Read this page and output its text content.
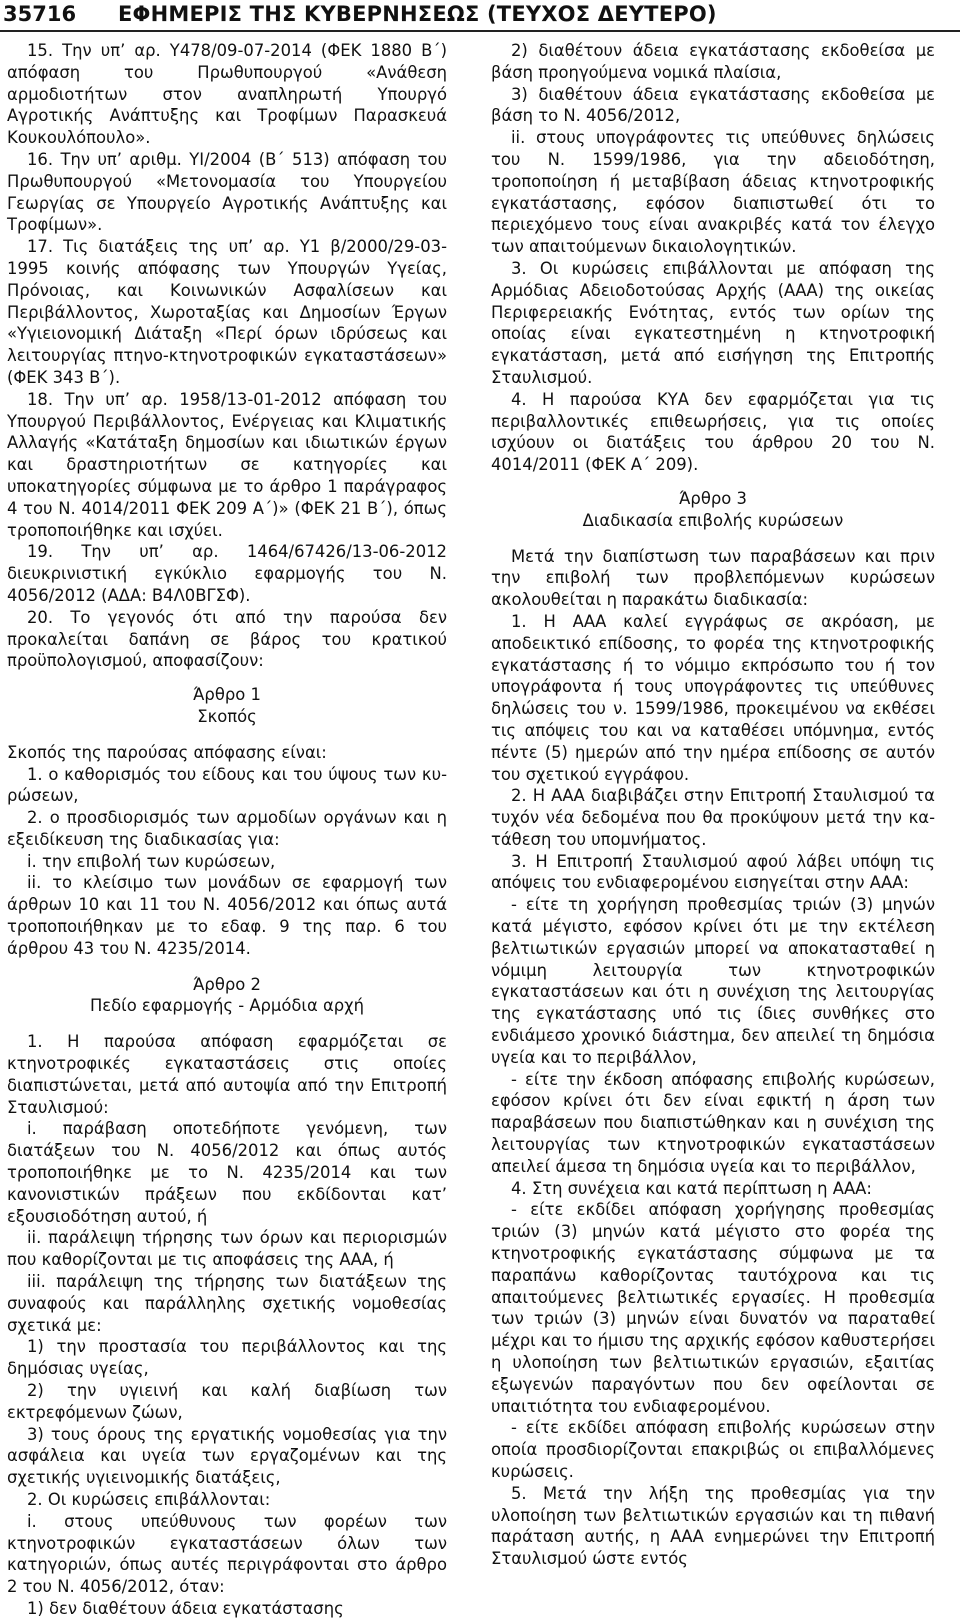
35716 ΕΦΗΜΕΡΙΣ ΤΗΣ ΚΥΒΕΡΝΗΣΕΩΣ (ΤΕΥΧΟΣ ΔΕΥΤΕΡΟ)

15. Την υπ’ αρ. Υ478/09-07-2014 (ΦΕΚ 1880 Β΄) απόφαση του Πρωθυπουργού «Ανάθεση αρμοδιοτήτων στον αναπληρωτή Υπουργό Αγροτικής Ανάπτυξης και Τροφίμων Παρασκευά Κουκουλόπουλο».

16. Την υπ’ αριθμ. ΥΙ/2004 (Β΄ 513) απόφαση του Πρωθυπουργού «Μετονομασία του Υπουργείου Γεωργίας σε Υπουργείο Αγροτικής Ανάπτυξης και Τροφίμων».

17. Τις διατάξεις της υπ’ αρ. Υ1 β/2000/29-03-1995 κοινής απόφασης των Υπουργών Υγείας, Πρόνοιας, και Κοινωνικών Ασφαλίσεων και Περιβάλλοντος, Χωροταξίας και Δημοσίων Έργων «Υγιειονομική Διάταξη «Περί όρων ιδρύσεως και λειτουργίας πτηνο-κτηνοτροφικών εγκαταστάσεων» (ΦΕΚ 343 Β΄).

18. Την υπ’ αρ. 1958/13-01-2012 απόφαση του Υπουργού Περιβάλλοντος, Ενέργειας και Κλιματικής Αλλαγής «Κατάταξη δημοσίων και ιδιωτικών έργων και δραστηριοτήτων σε κατηγορίες και υποκατηγορίες σύμφωνα με το άρθρο 1 παράγραφος 4 του Ν. 4014/2011 ΦΕΚ 209 Α΄)» (ΦΕΚ 21 Β΄), όπως τροποποιήθηκε και ισχύει.

19. Την υπ’ αρ. 1464/67426/13-06-2012 διευκρινιστική εγκύκλιο εφαρμογής του Ν. 4056/2012 (ΑΔΑ: Β4Λ0ΒΓΣΦ).

20. Το γεγονός ότι από την παρούσα δεν προκαλείται δαπάνη σε βάρος του κρατικού προϋπολογισμού, αποφασίζουν:

Άρθρο 1
Σκοπός

Σκοπός της παρούσας απόφασης είναι:

1. ο καθορισμός του είδους και του ύψους των κυρώσεων,

2. ο προσδιορισμός των αρμοδίων οργάνων και η εξειδίκευση της διαδικασίας για:

i. την επιβολή των κυρώσεων,

ii. το κλείσιμο των μονάδων σε εφαρμογή των άρθρων 10 και 11 του Ν. 4056/2012 και όπως αυτά τροποποιήθηκαν με το εδαφ. 9 της παρ. 6 του άρθρου 43 του Ν. 4235/2014.

Άρθρο 2
Πεδίο εφαρμογής - Αρμόδια αρχή

1. Η παρούσα απόφαση εφαρμόζεται σε κτηνοτροφικές εγκαταστάσεις στις οποίες διαπιστώνεται, μετά από αυτοψία από την Επιτροπή Σταυλισμού:

i. παράβαση οποτεδήποτε γενόμενη, των διατάξεων του Ν. 4056/2012 και όπως αυτός τροποποιήθηκε με το Ν. 4235/2014 και των κανονιστικών πράξεων που εκδίδονται κατ’ εξουσιοδότηση αυτού, ή

ii. παράλειψη τήρησης των όρων και περιορισμών που καθορίζονται με τις αποφάσεις της ΑΑΑ, ή

iii. παράλειψη της τήρησης των διατάξεων της συναφούς και παράλληλης σχετικής νομοθεσίας σχετικά με:

1) την προστασία του περιβάλλοντος και της δημόσιας υγείας,

2) την υγιεινή και καλή διαβίωση των εκτρεφόμενων ζώων,

3) τους όρους της εργατικής νομοθεσίας για την ασφάλεια και υγεία των εργαζομένων και της σχετικής υγιεινομικής διατάξεις,

2. Οι κυρώσεις επιβάλλονται:

i. στους υπεύθυνους των φορέων των κτηνοτροφικών εγκαταστάσεων όλων των κατηγοριών, όπως αυτές περιγράφονται στο άρθρο 2 του Ν. 4056/2012, όταν:

1) δεν διαθέτουν άδεια εγκατάστασης

2) διαθέτουν άδεια εγκατάστασης εκδοθείσα με βάση προηγούμενα νομικά πλαίσια,

3) διαθέτουν άδεια εγκατάστασης εκδοθείσα με βάση το Ν. 4056/2012,

ii. στους υπογράφοντες τις υπεύθυνες δηλώσεις του Ν. 1599/1986, για την αδειοδότηση, τροποποίηση ή μεταβίβαση άδειας κτηνοτροφικής εγκατάστασης, εφόσον διαπιστωθεί ότι το περιεχόμενο τους είναι ανακριβές κατά τον έλεγχο των απαιτούμενων δικαιολογητικών.

3. Οι κυρώσεις επιβάλλονται με απόφαση της Αρμόδιας Αδειοδοτούσας Αρχής (ΑΑΑ) της οικείας Περιφερειακής Ενότητας, εντός των ορίων της οποίας είναι εγκατεστημένη η κτηνοτροφική εγκατάσταση, μετά από εισήγηση της Επιτροπής Σταυλισμού.

4. Η παρούσα ΚΥΑ δεν εφαρμόζεται για τις περιβαλλοντικές επιθεωρήσεις, για τις οποίες ισχύουν οι διατάξεις του άρθρου 20 του Ν. 4014/2011 (ΦΕΚ Α΄ 209).

Άρθρο 3
Διαδικασία επιβολής κυρώσεων

Μετά την διαπίστωση των παραβάσεων και πριν την επιβολή των προβλεπόμενων κυρώσεων ακολουθείται η παρακάτω διαδικασία:

1. Η ΑΑΑ καλεί εγγράφως σε ακρόαση, με αποδεικτικό επίδοσης, το φορέα της κτηνοτροφικής εγκατάστασης ή το νόμιμο εκπρόσωπο του ή τον υπογράφοντα ή τους υπογράφοντες τις υπεύθυνες δηλώσεις του ν. 1599/1986, προκειμένου να εκθέσει τις απόψεις του και να καταθέσει υπόμνημα, εντός πέντε (5) ημερών από την ημέρα επίδοσης σε αυτόν του σχετικού εγγράφου.

2. Η ΑΑΑ διαβιβάζει στην Επιτροπή Σταυλισμού τα τυχόν νέα δεδομένα που θα προκύψουν μετά την κατάθεση του υπομνήματος.

3. Η Επιτροπή Σταυλισμού αφού λάβει υπόψη τις απόψεις του ενδιαφερομένου εισηγείται στην ΑΑΑ:

- είτε τη χορήγηση προθεσμίας τριών (3) μηνών κατά μέγιστο, εφόσον κρίνει ότι με την εκτέλεση βελτιωτικών εργασιών μπορεί να αποκατασταθεί η νόμιμη λειτουργία των κτηνοτροφικών εγκαταστάσεων και ότι η συνέχιση της λειτουργίας της εγκατάστασης υπό τις ίδιες συνθήκες στο ενδιάμεσο χρονικό διάστημα, δεν απειλεί τη δημόσια υγεία και το περιβάλλον,

- είτε την έκδοση απόφασης επιβολής κυρώσεων, εφόσον κρίνει ότι δεν είναι εφικτή η άρση των παραβάσεων που διαπιστώθηκαν και η συνέχιση της λειτουργίας των κτηνοτροφικών εγκαταστάσεων απειλεί άμεσα τη δημόσια υγεία και το περιβάλλον,

4. Στη συνέχεια και κατά περίπτωση η ΑΑΑ:

- είτε εκδίδει απόφαση χορήγησης προθεσμίας τριών (3) μηνών κατά μέγιστο στο φορέα της κτηνοτροφικής εγκατάστασης σύμφωνα με τα παραπάνω καθορίζοντας ταυτόχρονα και τις απαιτούμενες βελτιωτικές εργασίες. Η προθεσμία των τριών (3) μηνών είναι δυνατόν να παραταθεί μέχρι και το ήμισυ της αρχικής εφόσον καθυστερήσει η υλοποίηση των βελτιωτικών εργασιών, εξαιτίας εξωγενών παραγόντων που δεν οφείλονται σε υπαιτιότητα του ενδιαφερομένου.

- είτε εκδίδει απόφαση επιβολής κυρώσεων στην οποία προσδιορίζονται επακριβώς οι επιβαλλόμενες κυρώσεις.

5. Μετά την λήξη της προθεσμίας για την υλοποίηση των βελτιωτικών εργασιών και τη πιθανή παράταση αυτής, η ΑΑΑ ενημερώνει την Επιτροπή Σταυλισμού ώστε εντός
